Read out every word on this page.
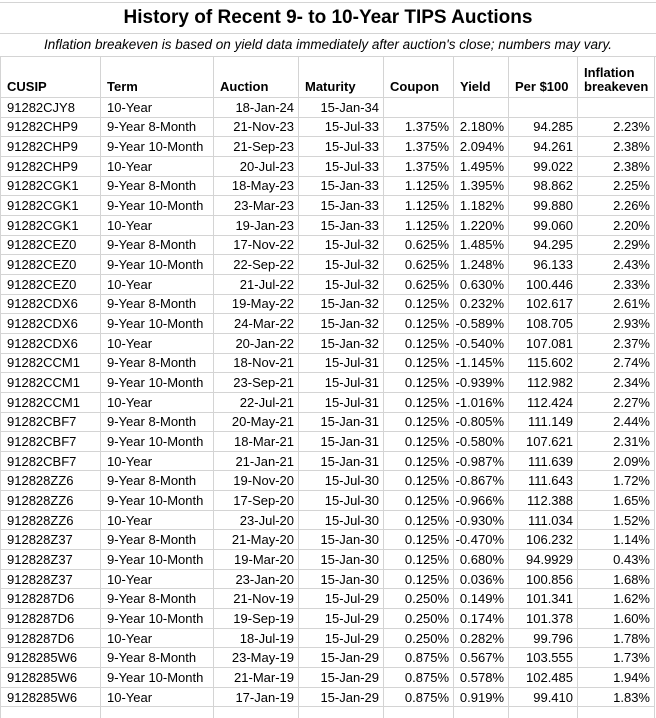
History of Recent 9- to 10-Year TIPS Auctions
Inflation breakeven is based on yield data immediately after auction's close; numbers may vary.
CUSIP	Term	Auction	Maturity	Coupon	Yield	Per $100	Inflation breakeven
91282CJY8	10-Year	18-Jan-24	15-Jan-34				
91282CHP9	9-Year 8-Month	21-Nov-23	15-Jul-33	1.375%	2.180%	94.285	2.23%
91282CHP9	9-Year 10-Month	21-Sep-23	15-Jul-33	1.375%	2.094%	94.261	2.38%
91282CHP9	10-Year	20-Jul-23	15-Jul-33	1.375%	1.495%	99.022	2.38%
91282CGK1	9-Year 8-Month	18-May-23	15-Jan-33	1.125%	1.395%	98.862	2.25%
91282CGK1	9-Year 10-Month	23-Mar-23	15-Jan-33	1.125%	1.182%	99.880	2.26%
91282CGK1	10-Year	19-Jan-23	15-Jan-33	1.125%	1.220%	99.060	2.20%
91282CEZ0	9-Year 8-Month	17-Nov-22	15-Jul-32	0.625%	1.485%	94.295	2.29%
91282CEZ0	9-Year 10-Month	22-Sep-22	15-Jul-32	0.625%	1.248%	96.133	2.43%
91282CEZ0	10-Year	21-Jul-22	15-Jul-32	0.625%	0.630%	100.446	2.33%
91282CDX6	9-Year 8-Month	19-May-22	15-Jan-32	0.125%	0.232%	102.617	2.61%
91282CDX6	9-Year 10-Month	24-Mar-22	15-Jan-32	0.125%	-0.589%	108.705	2.93%
91282CDX6	10-Year	20-Jan-22	15-Jan-32	0.125%	-0.540%	107.081	2.37%
91282CCM1	9-Year 8-Month	18-Nov-21	15-Jul-31	0.125%	-1.145%	115.602	2.74%
91282CCM1	9-Year 10-Month	23-Sep-21	15-Jul-31	0.125%	-0.939%	112.982	2.34%
91282CCM1	10-Year	22-Jul-21	15-Jul-31	0.125%	-1.016%	112.424	2.27%
91282CBF7	9-Year 8-Month	20-May-21	15-Jan-31	0.125%	-0.805%	111.149	2.44%
91282CBF7	9-Year 10-Month	18-Mar-21	15-Jan-31	0.125%	-0.580%	107.621	2.31%
91282CBF7	10-Year	21-Jan-21	15-Jan-31	0.125%	-0.987%	111.639	2.09%
912828ZZ6	9-Year 8-Month	19-Nov-20	15-Jul-30	0.125%	-0.867%	111.643	1.72%
912828ZZ6	9-Year 10-Month	17-Sep-20	15-Jul-30	0.125%	-0.966%	112.388	1.65%
912828ZZ6	10-Year	23-Jul-20	15-Jul-30	0.125%	-0.930%	111.034	1.52%
912828Z37	9-Year 8-Month	21-May-20	15-Jan-30	0.125%	-0.470%	106.232	1.14%
912828Z37	9-Year 10-Month	19-Mar-20	15-Jan-30	0.125%	0.680%	94.9929	0.43%
912828Z37	10-Year	23-Jan-20	15-Jan-30	0.125%	0.036%	100.856	1.68%
9128287D6	9-Year 8-Month	21-Nov-19	15-Jul-29	0.250%	0.149%	101.341	1.62%
9128287D6	9-Year 10-Month	19-Sep-19	15-Jul-29	0.250%	0.174%	101.378	1.60%
9128287D6	10-Year	18-Jul-19	15-Jul-29	0.250%	0.282%	99.796	1.78%
9128285W6	9-Year 8-Month	23-May-19	15-Jan-29	0.875%	0.567%	103.555	1.73%
9128285W6	9-Year 10-Month	21-Mar-19	15-Jan-29	0.875%	0.578%	102.485	1.94%
9128285W6	10-Year	17-Jan-19	15-Jan-29	0.875%	0.919%	99.410	1.83%
